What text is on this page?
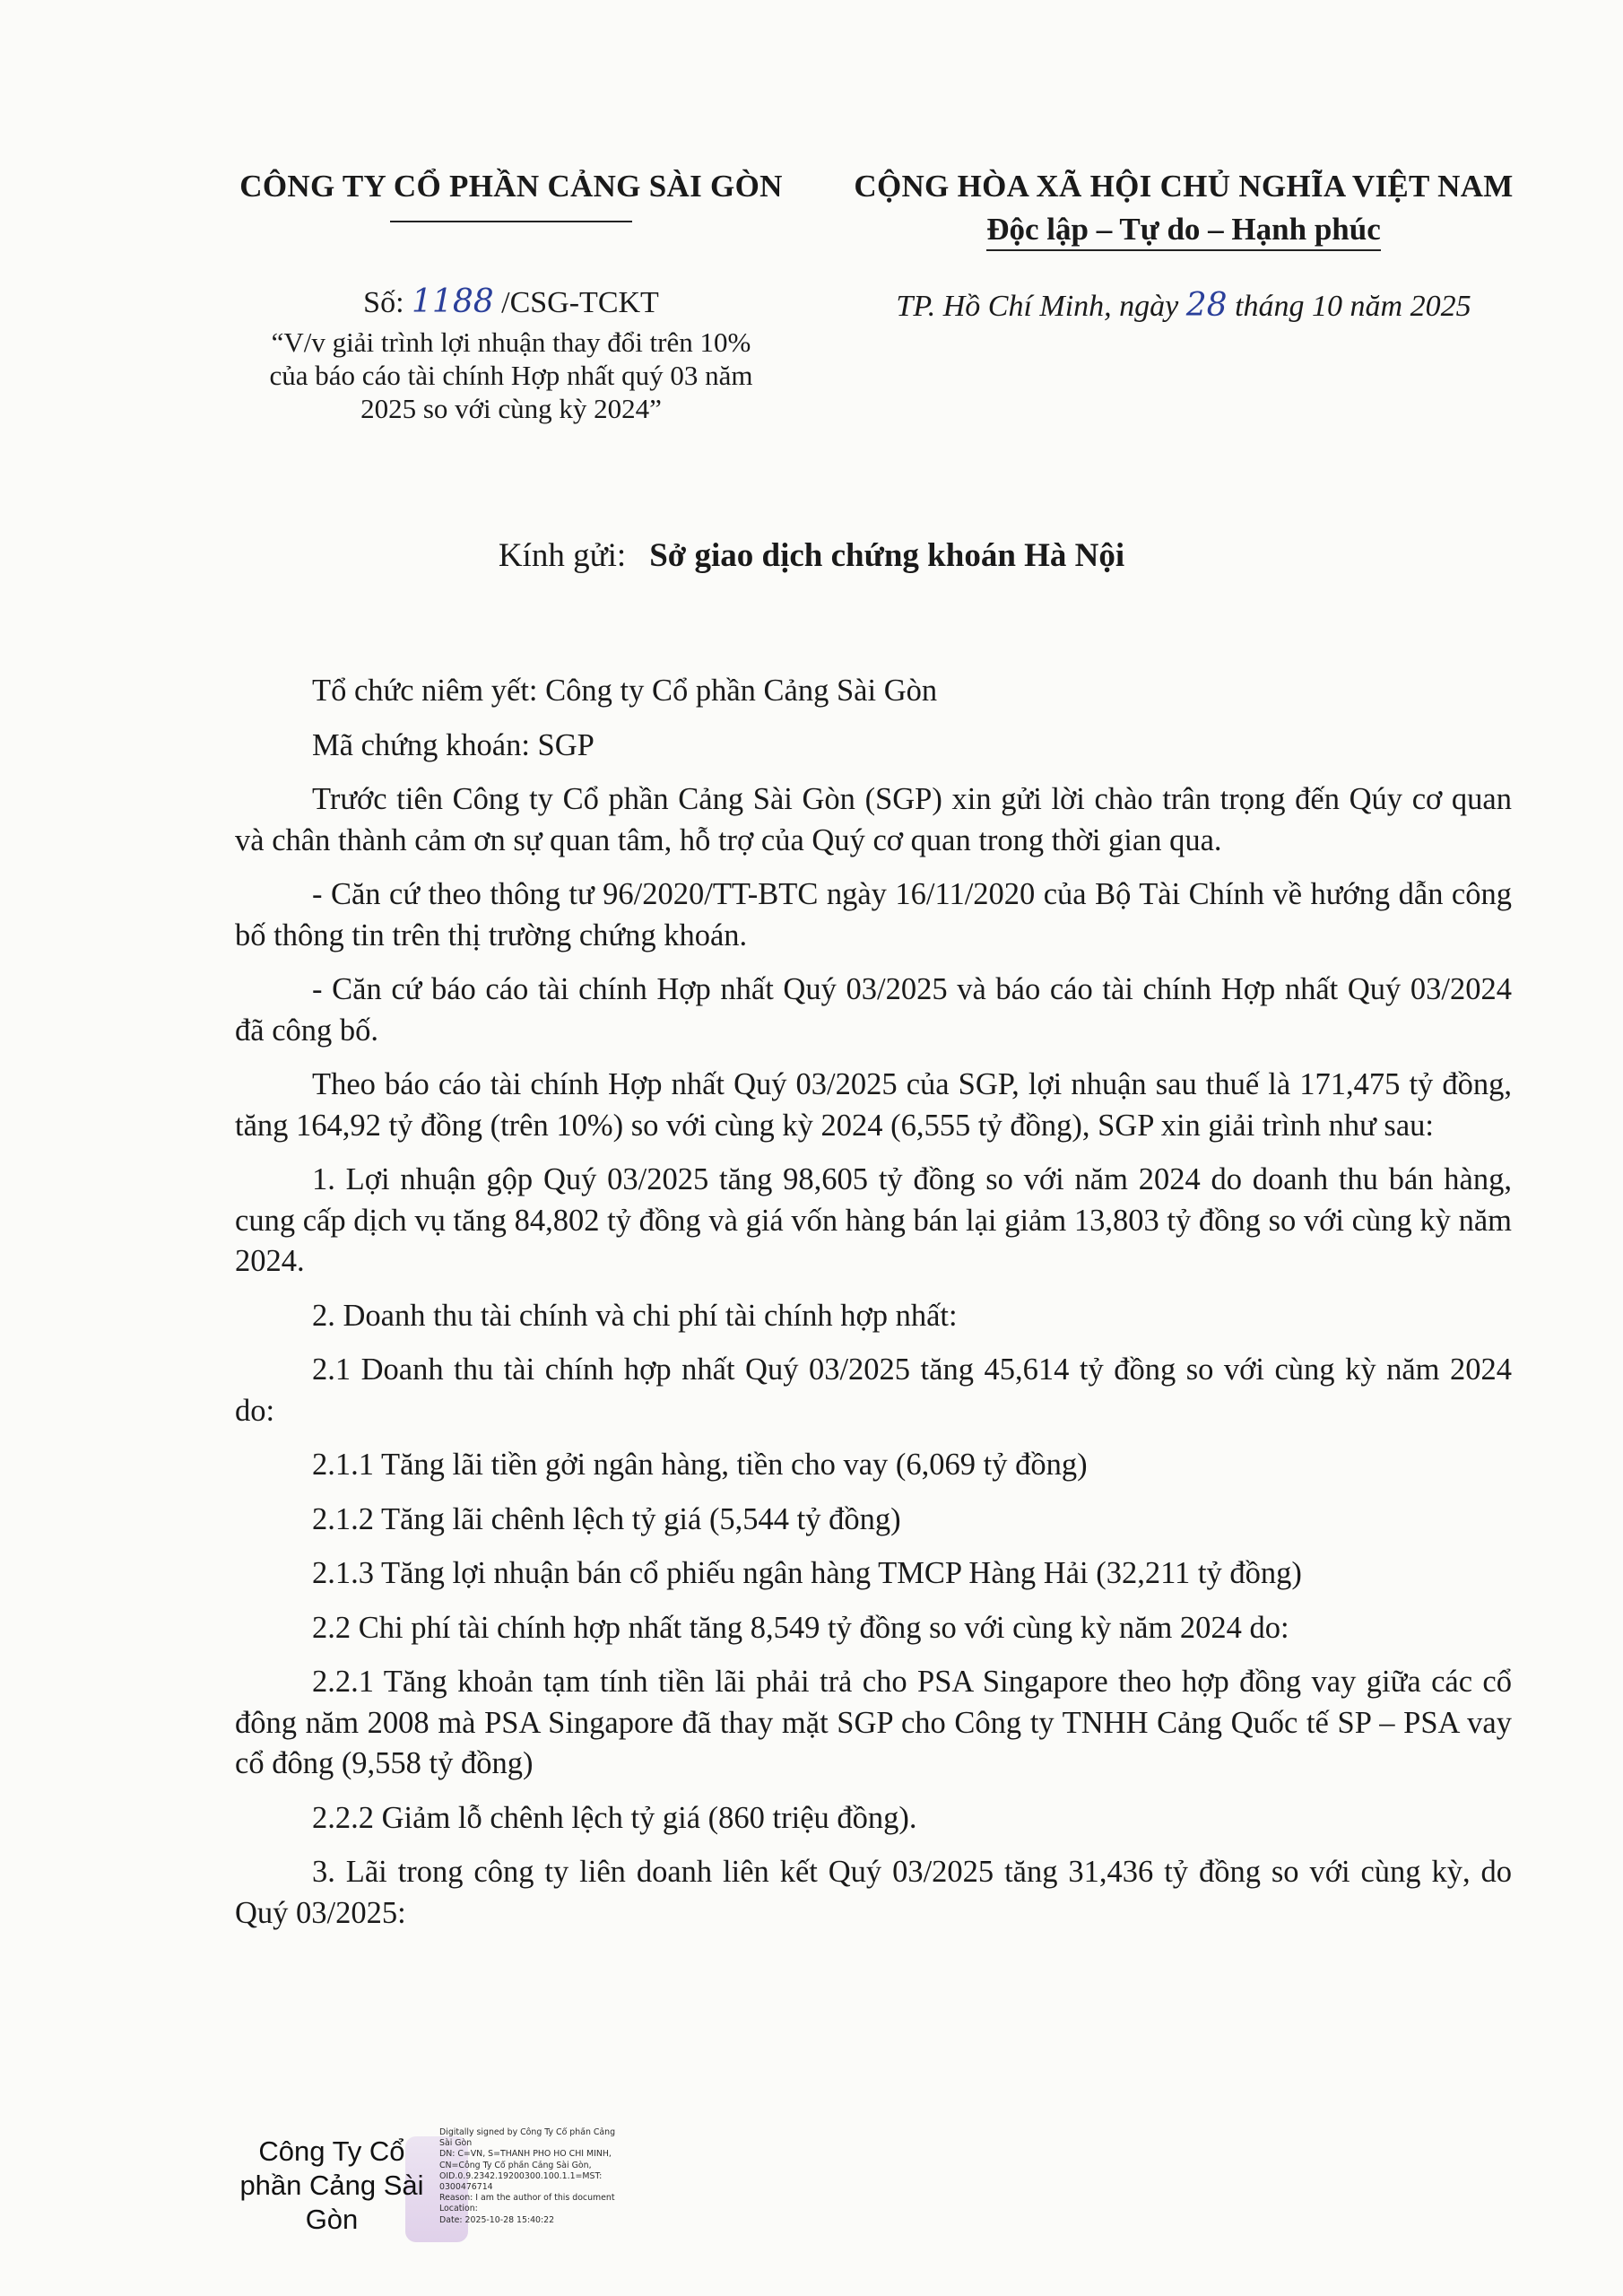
CÔNG TY CỔ PHẦN CẢNG SÀI GÒN	CỘNG HÒA XÃ HỘI CHỦ NGHĨA VIỆT NAM
Độc lập – Tự do – Hạnh phúc
Số: 1188 /CSG-TCKT
“V/v giải trình lợi nhuận thay đổi trên 10%
của báo cáo tài chính Hợp nhất quý 03 năm
2025 so với cùng kỳ 2024”
TP. Hồ Chí Minh, ngày 28 tháng 10 năm 2025
Kính gửi: Sở giao dịch chứng khoán Hà Nội

Tổ chức niêm yết: Công ty Cổ phần Cảng Sài Gòn

Mã chứng khoán: SGP

Trước tiên Công ty Cổ phần Cảng Sài Gòn (SGP) xin gửi lời chào trân trọng đến Qúy cơ quan và chân thành cảm ơn sự quan tâm, hỗ trợ của Quý cơ quan trong thời gian qua.

- Căn cứ theo thông tư 96/2020/TT-BTC ngày 16/11/2020 của Bộ Tài Chính về hướng dẫn công bố thông tin trên thị trường chứng khoán.

- Căn cứ báo cáo tài chính Hợp nhất Quý 03/2025 và báo cáo tài chính Hợp nhất Quý 03/2024 đã công bố.

Theo báo cáo tài chính Hợp nhất Quý 03/2025 của SGP, lợi nhuận sau thuế là 171,475 tỷ đồng, tăng 164,92 tỷ đồng (trên 10%) so với cùng kỳ 2024 (6,555 tỷ đồng), SGP xin giải trình như sau:

1. Lợi nhuận gộp Quý 03/2025 tăng 98,605 tỷ đồng so với năm 2024 do doanh thu bán hàng, cung cấp dịch vụ tăng 84,802 tỷ đồng và giá vốn hàng bán lại giảm 13,803 tỷ đồng so với cùng kỳ năm 2024.

2. Doanh thu tài chính và chi phí tài chính hợp nhất:

2.1 Doanh thu tài chính hợp nhất Quý 03/2025 tăng 45,614 tỷ đồng so với cùng kỳ năm 2024 do:

2.1.1 Tăng lãi tiền gởi ngân hàng, tiền cho vay (6,069 tỷ đồng)

2.1.2 Tăng lãi chênh lệch tỷ giá (5,544 tỷ đồng)

2.1.3 Tăng lợi nhuận bán cổ phiếu ngân hàng TMCP Hàng Hải (32,211 tỷ đồng)

2.2 Chi phí tài chính hợp nhất tăng 8,549 tỷ đồng so với cùng kỳ năm 2024 do:

2.2.1 Tăng khoản tạm tính tiền lãi phải trả cho PSA Singapore theo hợp đồng vay giữa các cổ đông năm 2008 mà PSA Singapore đã thay mặt SGP cho Công ty TNHH Cảng Quốc tế SP – PSA vay cổ đông (9,558 tỷ đồng)

2.2.2 Giảm lỗ chênh lệch tỷ giá (860 triệu đồng).

3. Lãi trong công ty liên doanh liên kết Quý 03/2025 tăng 31,436 tỷ đồng so với cùng kỳ, do Quý 03/2025:

Công Ty Cổ
phần Cảng Sài
Gòn
Digitally signed by Công Ty Cổ phần Cảng
Sài Gòn
DN: C=VN, S=THÀNH PHỐ HỒ CHÍ MINH,
CN=Công Ty Cổ phần Cảng Sài Gòn,
OID.0.9.2342.19200300.100.1.1=MST:
0300476714
Reason: I am the author of this document
Location:
Date: 2025-10-28 15:40:22
